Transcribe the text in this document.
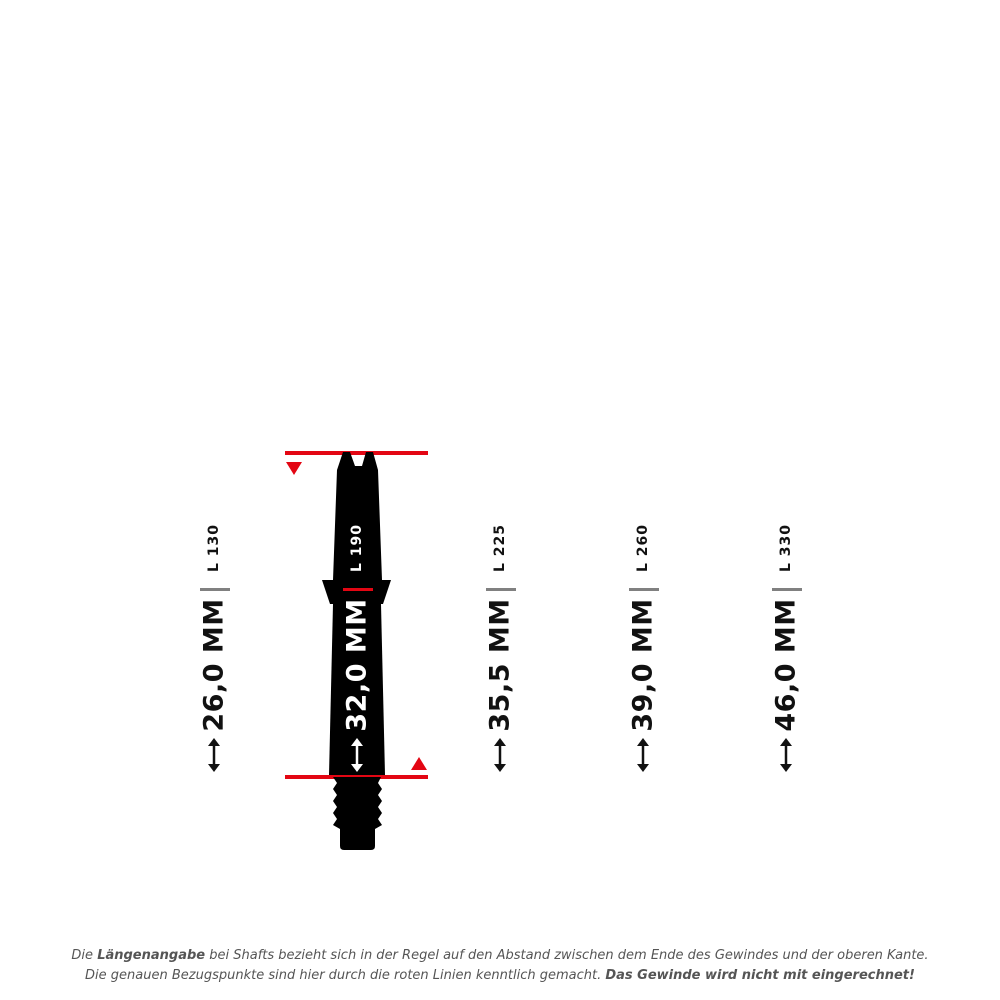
L 130
26,0 MM
L 190
32,0 MM
L 225
35,5 MM
L 260
39,0 MM
L 330
46,0 MM
Die Längenangabe bei Shafts bezieht sich in der Regel auf den Abstand zwischen dem Ende des Gewindes und der oberen Kante.
Die genauen Bezugspunkte sind hier durch die roten Linien kenntlich gemacht. Das Gewinde wird nicht mit eingerechnet!
